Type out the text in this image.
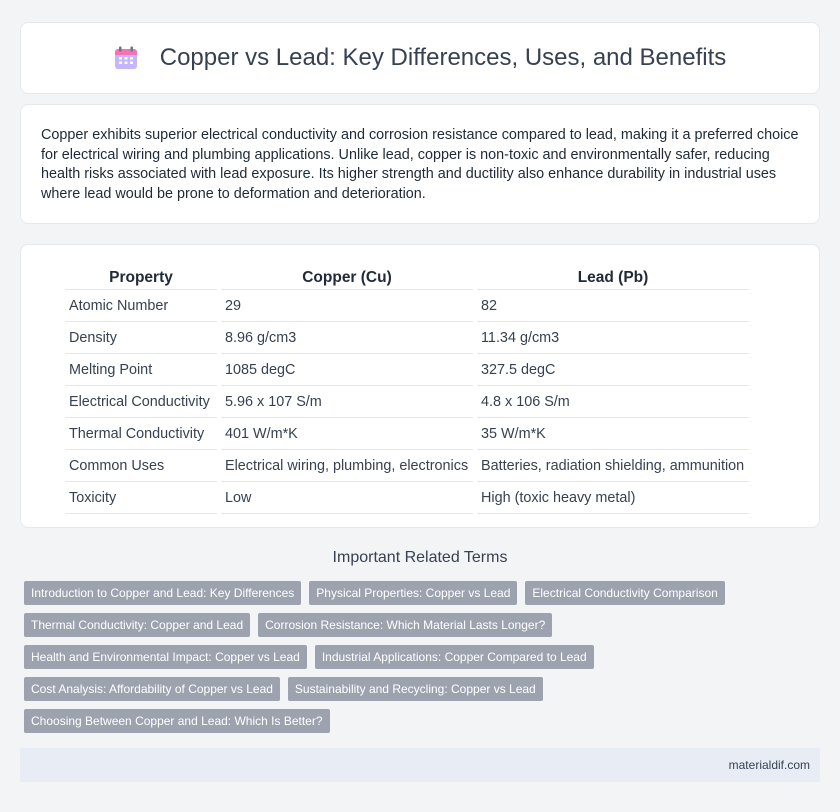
Copper vs Lead: Key Differences, Uses, and Benefits

Copper exhibits superior electrical conductivity and corrosion resistance compared to lead, making it a preferred choice for electrical wiring and plumbing applications. Unlike lead, copper is non-toxic and environmentally safer, reducing health risks associated with lead exposure. Its higher strength and ductility also enhance durability in industrial uses where lead would be prone to deformation and deterioration.

Property	Copper (Cu)	Lead (Pb)
Atomic Number	29	82
Density	8.96 g/cm3	11.34 g/cm3
Melting Point	1085 degC	327.5 degC
Electrical Conductivity	5.96 x 107 S/m	4.8 x 106 S/m
Thermal Conductivity	401 W/m*K	35 W/m*K
Common Uses	Electrical wiring, plumbing, electronics	Batteries, radiation shielding, ammunition
Toxicity	Low	High (toxic heavy metal)
Important Related Terms
Introduction to Copper and Lead: Key Differences	Physical Properties: Copper vs Lead	Electrical Conductivity Comparison
Thermal Conductivity: Copper and Lead	Corrosion Resistance: Which Material Lasts Longer?
Health and Environmental Impact: Copper vs Lead	Industrial Applications: Copper Compared to Lead
Cost Analysis: Affordability of Copper vs Lead	Sustainability and Recycling: Copper vs Lead
Choosing Between Copper and Lead: Which Is Better?
materialdif.com
